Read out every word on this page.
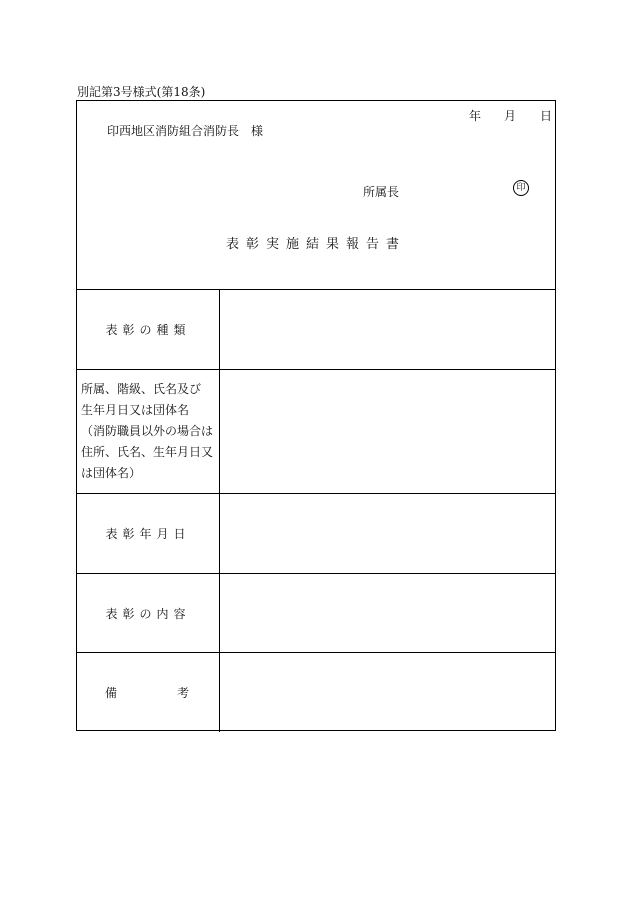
別記第3号様式(第18条)
年 月 日
印西地区消防組合消防長　様
所属長	印
表彰実施結果報告書
表彰の種類
所属、階級、氏名及び
生年月日又は団体名
（消防職員以外の場合は
住所、氏名、生年月日又
は団体名）
表彰年月日
表彰の内容
備	考
